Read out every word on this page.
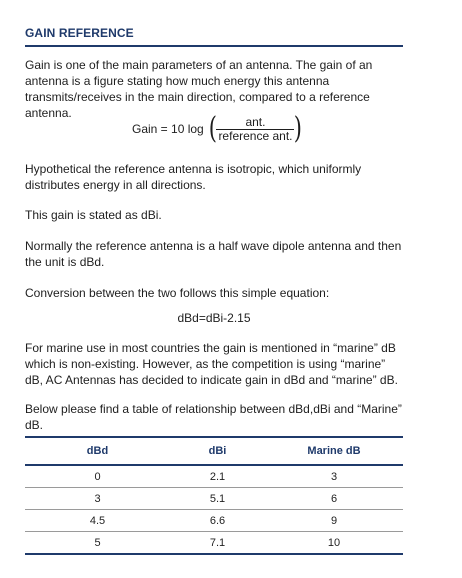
GAIN REFERENCE

Gain is one of the main parameters of an antenna. The gain of an antenna is a figure stating how much energy this antenna transmits/receives in the main direction, compared to a reference antenna.

Gain = 10 log ( $\frac{\text{ant.}}{\text{reference ant.}}$ )

Hypothetical the reference antenna is isotropic, which uniformly distributes energy in all directions.

This gain is stated as dBi.

Normally the reference antenna is a half wave dipole antenna and then the unit is dBd.

Conversion between the two follows this simple equation:

dBd=dBi-2.15

For marine use in most countries the gain is mentioned in “marine” dB which is non-existing. However, as the competition is using “marine” dB, AC Antennas has decided to indicate gain in dBd and “marine” dB.

Below please find a table of relationship between dBd,dBi and “Marine” dB.

dBd	dBi	Marine dB
0	2.1	3
3	5.1	6
4.5	6.6	9
5	7.1	10
